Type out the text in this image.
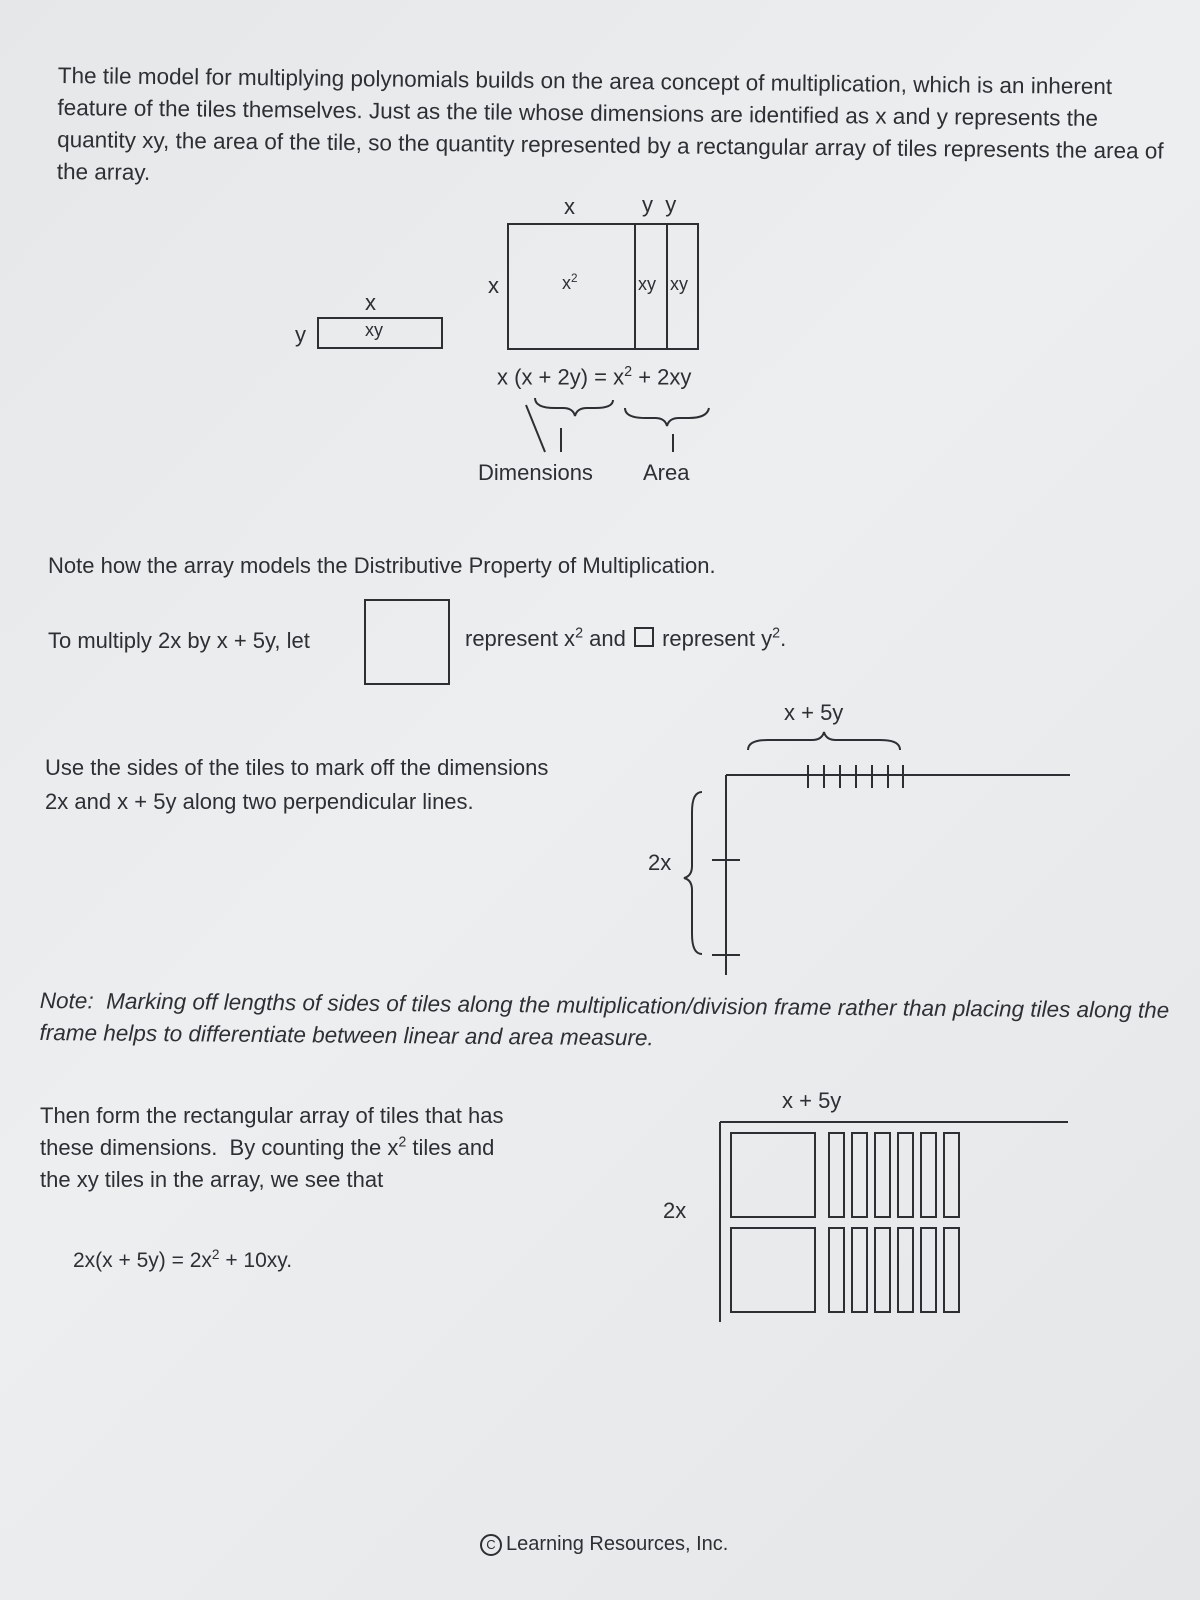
The tile model for multiplying polynomials builds on the area concept of multiplication, which is an inherent feature of the tiles themselves. Just as the tile whose dimensions are identified as x and y represents the quantity xy, the area of the tile, so the quantity represented by a rectangular array of tiles represents the area of the array.

x
y	xy
x	y  y
x	$x^2$	xy xy
x $(x + 2y) = x^2 + 2xy$
Dimensions Area

Note how the array models the Distributive Property of Multiplication.

To multiply 2x by x + 5y, let	represent $x^2$ and  represent $y^2$.

Use the sides of the tiles to mark off the dimensions

2x and x + 5y along two perpendicular lines.

x + 5y
2x

Note:  Marking off lengths of sides of tiles along the multiplication/division frame rather than placing tiles along the frame helps to differentiate between linear and area measure.

Then form the rectangular array of tiles that has

these dimensions.  By counting the $x^2$ tiles and

the xy tiles in the array, we see that

$2x(x + 5y) = 2x^2 + 10xy$.

x + 5y
2x
C Learning Resources, Inc.
